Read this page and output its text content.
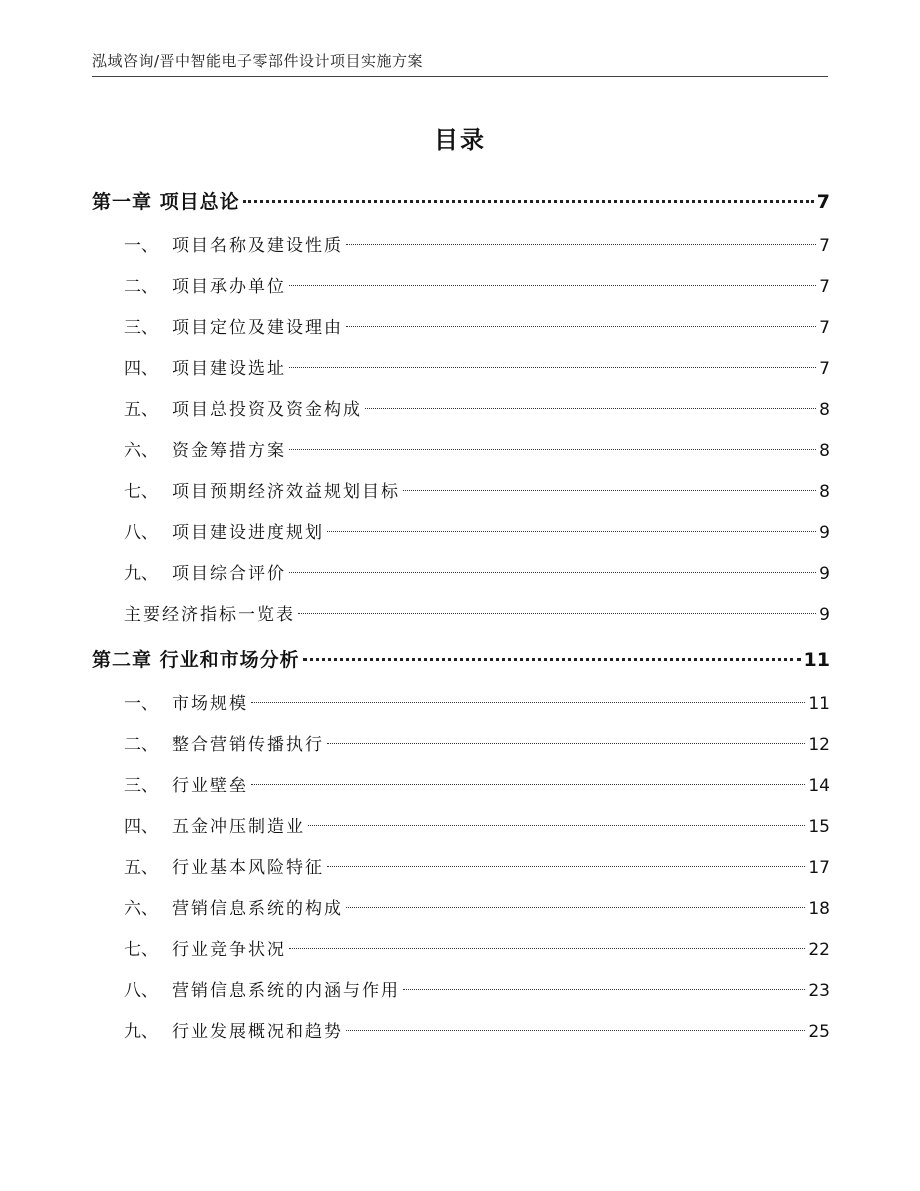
泓域咨询/晋中智能电子零部件设计项目实施方案
目录
第一章 项目总论	7
一、 项目名称及建设性质	7
二、 项目承办单位	7
三、 项目定位及建设理由	7
四、 项目建设选址	7
五、 项目总投资及资金构成	8
六、 资金筹措方案	8
七、 项目预期经济效益规划目标	8
八、 项目建设进度规划	9
九、 项目综合评价	9
主要经济指标一览表	9
第二章 行业和市场分析	11
一、 市场规模	11
二、 整合营销传播执行	12
三、 行业壁垒	14
四、 五金冲压制造业	15
五、 行业基本风险特征	17
六、 营销信息系统的构成	18
七、 行业竞争状况	22
八、 营销信息系统的内涵与作用	23
九、 行业发展概况和趋势	25
